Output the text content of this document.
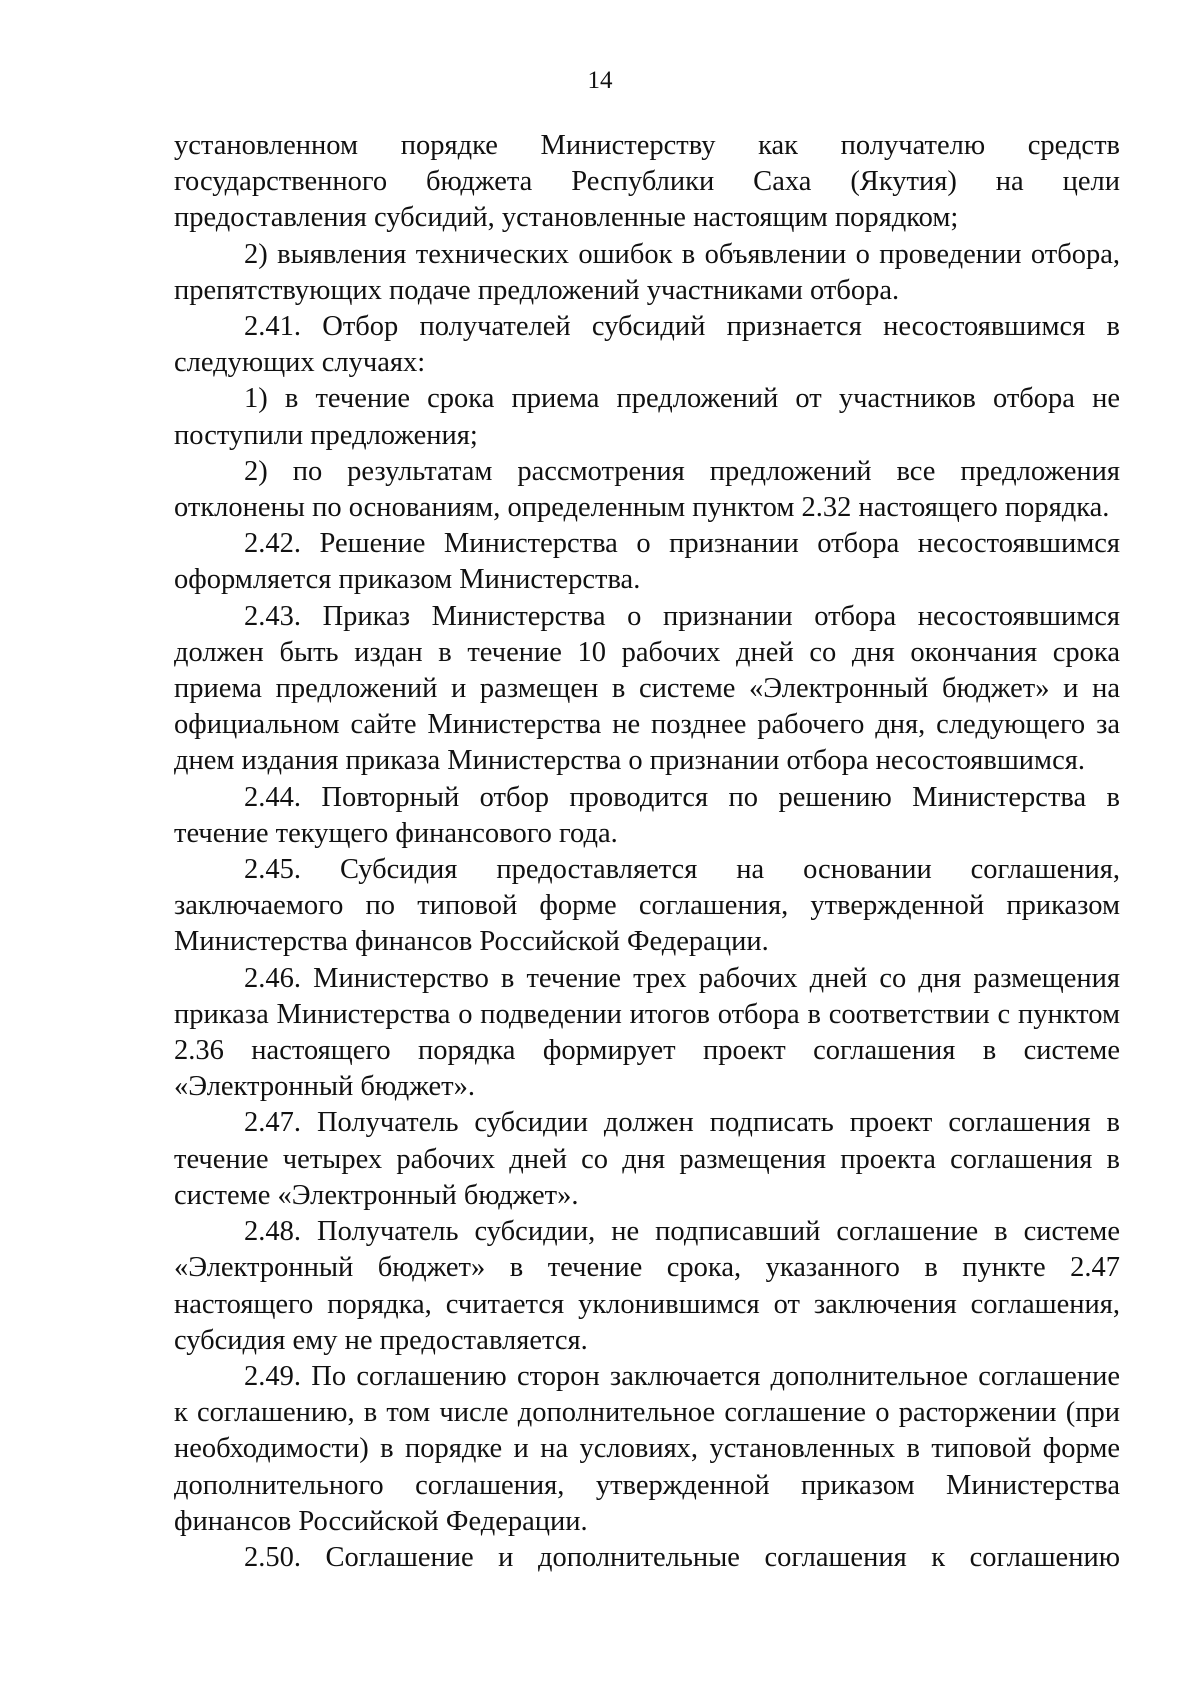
14

установленном порядке Министерству как получателю средств государственного бюджета Республики Саха (Якутия) на цели предоставления субсидий, установленные настоящим порядком;

2) выявления технических ошибок в объявлении о проведении отбора, препятствующих подаче предложений участниками отбора.

2.41. Отбор получателей субсидий признается несостоявшимся в следующих случаях:

1) в течение срока приема предложений от участников отбора не поступили предложения;

2) по результатам рассмотрения предложений все предложения отклонены по основаниям, определенным пунктом 2.32 настоящего порядка.

2.42. Решение Министерства о признании отбора несостоявшимся оформляется приказом Министерства.

2.43. Приказ Министерства о признании отбора несостоявшимся должен быть издан в течение 10 рабочих дней со дня окончания срока приема предложений и размещен в системе «Электронный бюджет» и на официальном сайте Министерства не позднее рабочего дня, следующего за днем издания приказа Министерства о признании отбора несостоявшимся.

2.44. Повторный отбор проводится по решению Министерства в течение текущего финансового года.

2.45. Субсидия предоставляется на основании соглашения, заключаемого по типовой форме соглашения, утвержденной приказом Министерства финансов Российской Федерации.

2.46. Министерство в течение трех рабочих дней со дня размещения приказа Министерства о подведении итогов отбора в соответствии с пунктом 2.36 настоящего порядка формирует проект соглашения в системе «Электронный бюджет».

2.47. Получатель субсидии должен подписать проект соглашения в течение четырех рабочих дней со дня размещения проекта соглашения в системе «Электронный бюджет».

2.48. Получатель субсидии, не подписавший соглашение в системе «Электронный бюджет» в течение срока, указанного в пункте 2.47 настоящего порядка, считается уклонившимся от заключения соглашения, субсидия ему не предоставляется.

2.49. По соглашению сторон заключается дополнительное соглашение к соглашению, в том числе дополнительное соглашение о расторжении (при необходимости) в порядке и на условиях, установленных в типовой форме дополнительного соглашения, утвержденной приказом Министерства финансов Российской Федерации.

2.50. Соглашение и дополнительные соглашения к соглашению
